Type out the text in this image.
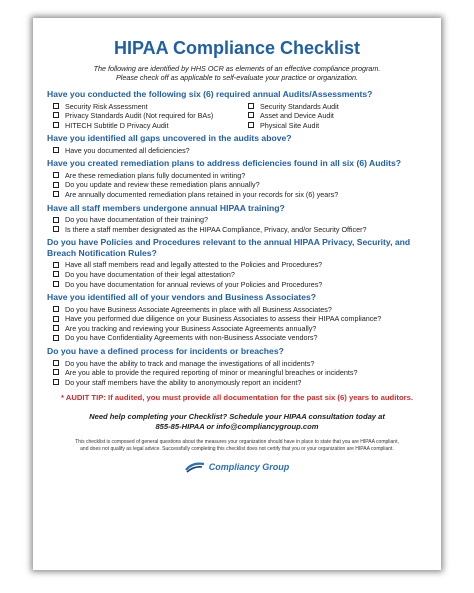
HIPAA Compliance Checklist
The following are identified by HHS OCR as elements of an effective compliance program.
Please check off as applicable to self-evaluate your practice or organization.
Have you conducted the following six (6) required annual Audits/Assessments?
Security Risk Assessment	Security Standards Audit
Privacy Standards Audit (Not required for BAs)	Asset and Device Audit
HITECH Subtitle D Privacy Audit	Physical Site Audit
Have you identified all gaps uncovered in the audits above?
Have you documented all deficiencies?
Have you created remediation plans to address deficiencies found in all six (6) Audits?
Are these remediation plans fully documented in writing?
Do you update and review these remediation plans annually?
Are annually documented remediation plans retained in your records for six (6) years?
Have all staff members undergone annual HIPAA training?
Do you have documentation of their training?
Is there a staff member designated as the HIPAA Compliance, Privacy, and/or Security Officer?
Do you have Policies and Procedures relevant to the annual HIPAA Privacy, Security, and
Breach Notification Rules?
Have all staff members read and legally attested to the Policies and Procedures?
Do you have documentation of their legal attestation?
Do you have documentation for annual reviews of your Policies and Procedures?
Have you identified all of your vendors and Business Associates?
Do you have Business Associate Agreements in place with all Business Associates?
Have you performed due diligence on your Business Associates to assess their HIPAA compliance?
Are you tracking and reviewing your Business Associate Agreements annually?
Do you have Confidentiality Agreements with non-Business Associate vendors?
Do you have a defined process for incidents or breaches?
Do you have the ability to track and manage the investigations of all incidents?
Are you able to provide the required reporting of minor or meaningful breaches or incidents?
Do your staff members have the ability to anonymously report an incident?
* AUDIT TIP: If audited, you must provide all documentation for the past six (6) years to auditors.
Need help completing your Checklist? Schedule your HIPAA consultation today at
855-85-HIPAA or info@compliancygroup.com
This checklist is composed of general questions about the measures your organization should have in place to state that you are HIPAA compliant,
and does not qualify as legal advice. Successfully completing this checklist does not certify that you or your organization are HIPAA compliant.
Compliancy Group
